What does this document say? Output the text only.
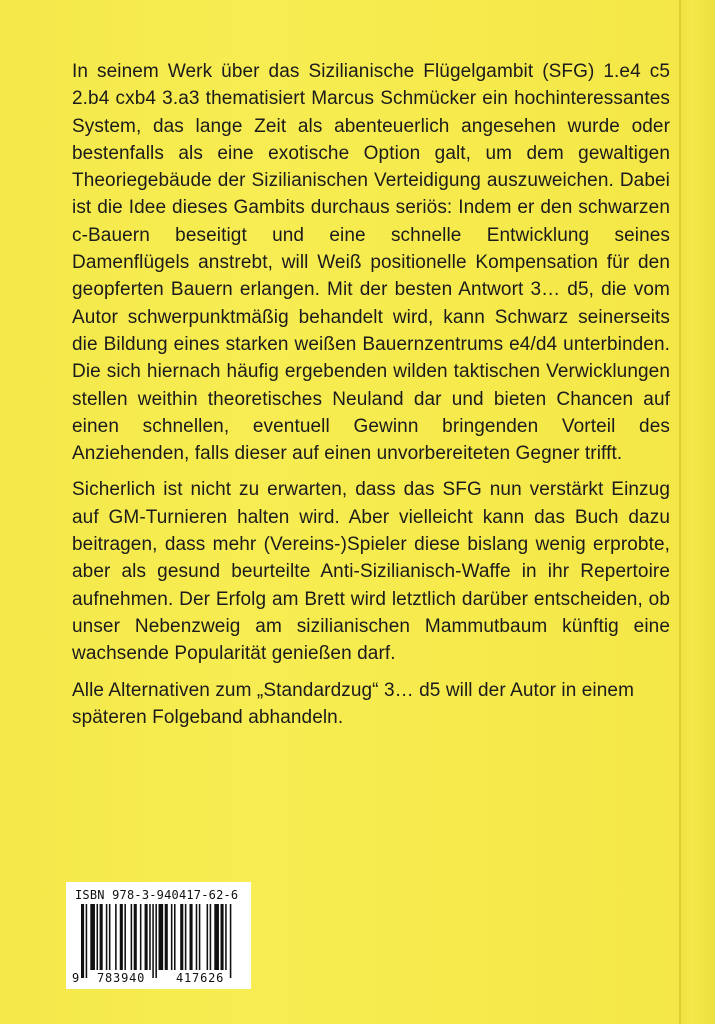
In seinem Werk über das Sizilianische Flügelgambit (SFG) 1.e4 c5 2.b4 cxb4 3.a3 thematisiert Marcus Schmücker ein hochinteressantes System, das lange Zeit als abenteuerlich angesehen wurde oder bestenfalls als eine exotische Option galt, um dem gewaltigen Theoriegebäude der Sizilianischen Verteidigung auszuweichen. Dabei ist die Idee dieses Gambits durchaus seriös: Indem er den schwarzen c-Bauern beseitigt und eine schnelle Entwicklung seines Damenflügels anstrebt, will Weiß positionelle Kompensation für den geopferten Bauern erlangen. Mit der besten Antwort 3… d5, die vom Autor schwerpunktmäßig behandelt wird, kann Schwarz seinerseits die Bildung eines starken weißen Bauernzentrums e4/d4 unterbinden. Die sich hiernach häufig ergebenden wilden taktischen Verwicklungen stellen weithin theoretisches Neuland dar und bieten Chancen auf einen schnellen, eventuell Gewinn bringenden Vorteil des Anziehenden, falls dieser auf einen unvorbereiteten Gegner trifft.

Sicherlich ist nicht zu erwarten, dass das SFG nun verstärkt Einzug auf GM-Turnieren halten wird. Aber vielleicht kann das Buch dazu beitragen, dass mehr (Vereins-)Spieler diese bislang wenig erprobte, aber als gesund beurteilte Anti-Sizilianisch-Waffe in ihr Repertoire aufnehmen. Der Erfolg am Brett wird letztlich darüber entscheiden, ob unser Nebenzweig am sizilianischen Mammutbaum künftig eine wachsende Popularität genießen darf.

Alle Alternativen zum „Standardzug“ 3… d5 will der Autor in einem späteren Folgeband abhandeln.

ISBN 978-3-940417-62-6
9 783940	417626
